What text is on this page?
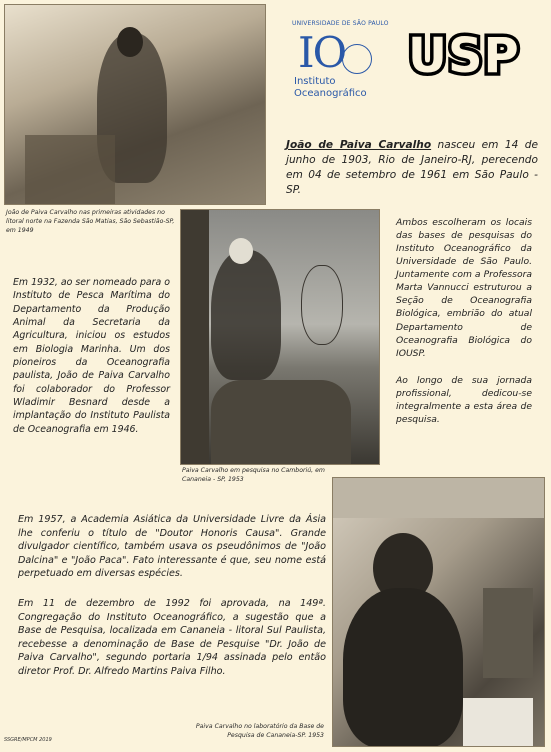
João de Paiva Carvalho nas primeiras atividades no litoral norte na Fazenda São Matias, São Sebastião-SP, em 1949
UNIVERSIDADE DE SÃO PAULO
IO
Instituto
Oceanográfico
USP
João de Paiva Carvalho nasceu em 14 de junho de 1903, Rio de Janeiro-RJ, perecendo em 04 de setembro de 1961 em São Paulo - SP.
Paiva Carvalho em pesquisa no Camboriú, em Cananeia - SP, 1953

Ambos escolheram os locais das bases de pesquisas do Instituto Oceanográfico da Universidade de São Paulo. Juntamente com a Professora Marta Vannucci estruturou a Seção de Oceanografia Biológica, embrião do atual Departamento de Oceanografia Biológica do IOUSP.

Ao longo de sua jornada profissional, dedicou-se integralmente a esta área de pesquisa.

Em 1932, ao ser nomeado para o Instituto de Pesca Marítima do Departamento da Produção Animal da Secretaria da Agricultura, iniciou os estudos em Biologia Marinha. Um dos pioneiros da Oceanografia paulista, João de Paiva Carvalho foi colaborador do Professor Wladimir Besnard desde a implantação do Instituto Paulista de Oceanografia em 1946.

Em 1957, a Academia Asiática da Universidade Livre da Ásia lhe conferiu o título de "Doutor Honoris Causa". Grande divulgador científico, também usava os pseudônimos de "João Dalcina" e "João Paca". Fato interessante é que, seu nome está perpetuado em diversas espécies.

Em 11 de dezembro de 1992 foi aprovada, na 149ª. Congregação do Instituto Oceanográfico, a sugestão que a Base de Pesquisa, localizada em Cananeia - litoral Sul Paulista, recebesse a denominação de Base de Pesquise "Dr. João de Paiva Carvalho", segundo portaria 1/94 assinada pelo então diretor Prof. Dr. Alfredo Martins Paiva Filho.

Paiva Carvalho no laboratório da Base de Pesquisa de Cananeia-SP. 1953
SSGRE/MPCM 2019
